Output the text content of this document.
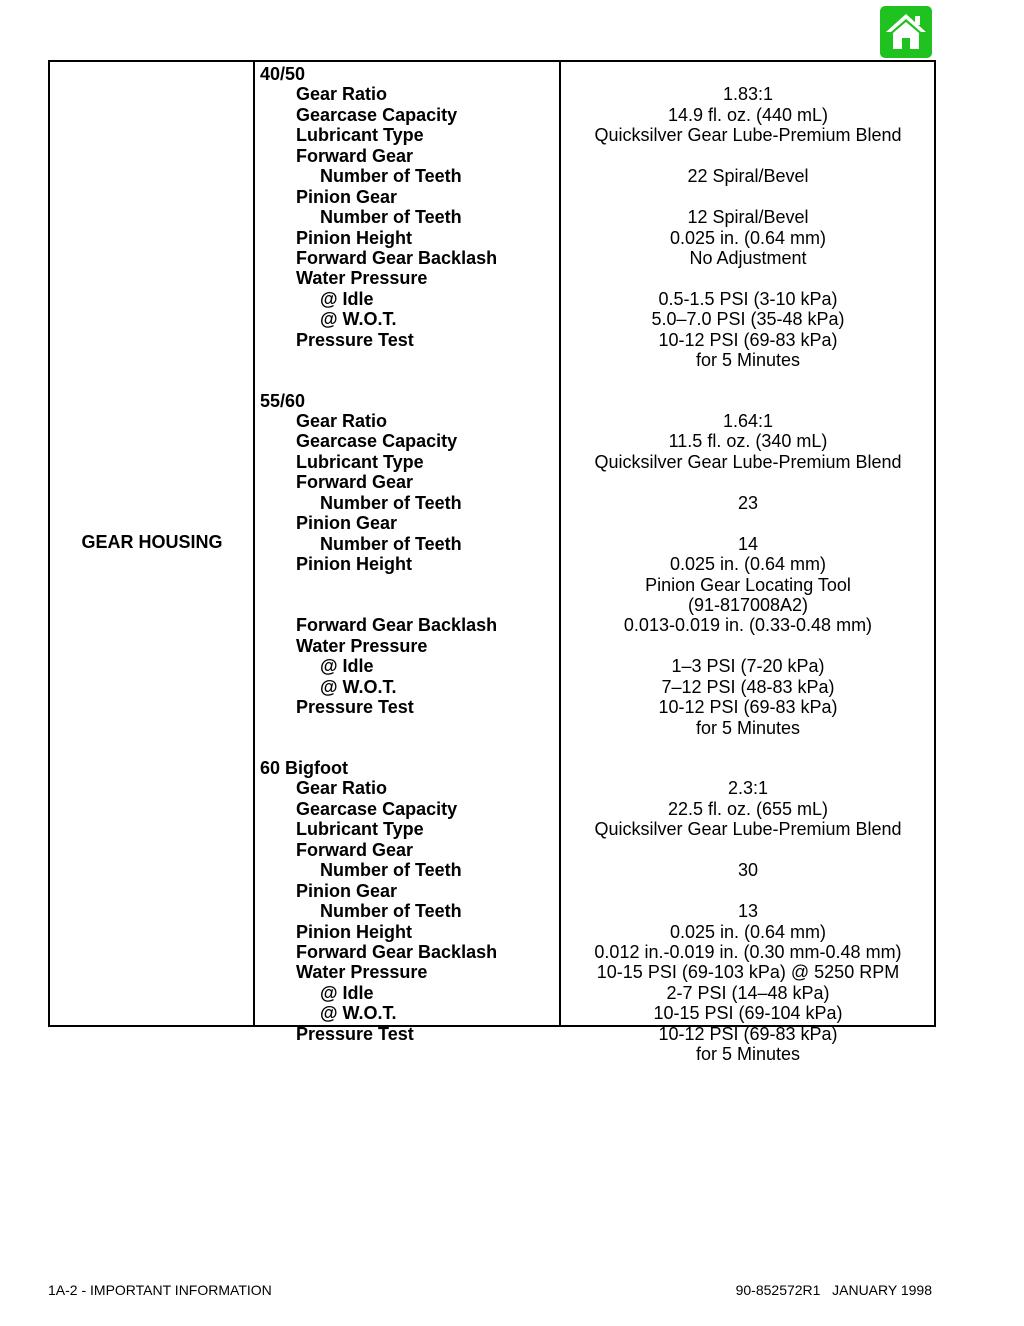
GEAR HOUSING
40/50
Gear Ratio	1.83:1
Gearcase Capacity	14.9 fl. oz. (440 mL)
Lubricant Type	Quicksilver Gear Lube-Premium Blend
Forward Gear
Number of Teeth	22 Spiral/Bevel
Pinion Gear
Number of Teeth	12 Spiral/Bevel
Pinion Height	0.025 in. (0.64 mm)
Forward Gear Backlash	No Adjustment
Water Pressure
@ Idle	0.5-1.5 PSI (3-10 kPa)
@ W.O.T.	5.0–7.0 PSI (35-48 kPa)
Pressure Test	10-12 PSI (69-83 kPa)
for 5 Minutes
55/60
Gear Ratio	1.64:1
Gearcase Capacity	11.5 fl. oz. (340 mL)
Lubricant Type	Quicksilver Gear Lube-Premium Blend
Forward Gear
Number of Teeth	23
Pinion Gear
Number of Teeth	14
Pinion Height	0.025 in. (0.64 mm)
Pinion Gear Locating Tool
(91-817008A2)
Forward Gear Backlash	0.013-0.019 in. (0.33-0.48 mm)
Water Pressure
@ Idle	1–3 PSI (7-20 kPa)
@ W.O.T.	7–12 PSI (48-83 kPa)
Pressure Test	10-12 PSI (69-83 kPa)
for 5 Minutes
60 Bigfoot
Gear Ratio	2.3:1
Gearcase Capacity	22.5 fl. oz. (655 mL)
Lubricant Type	Quicksilver Gear Lube-Premium Blend
Forward Gear
Number of Teeth	30
Pinion Gear
Number of Teeth	13
Pinion Height	0.025 in. (0.64 mm)
Forward Gear Backlash	0.012 in.-0.019 in. (0.30 mm-0.48 mm)
Water Pressure	10-15 PSI (69-103 kPa) @ 5250 RPM
@ Idle	2-7 PSI (14–48 kPa)
@ W.O.T.	10-15 PSI (69-104 kPa)
Pressure Test	10-12 PSI (69-83 kPa)
for 5 Minutes
1A-2 - IMPORTANT INFORMATION	90-852572R1   JANUARY 1998
